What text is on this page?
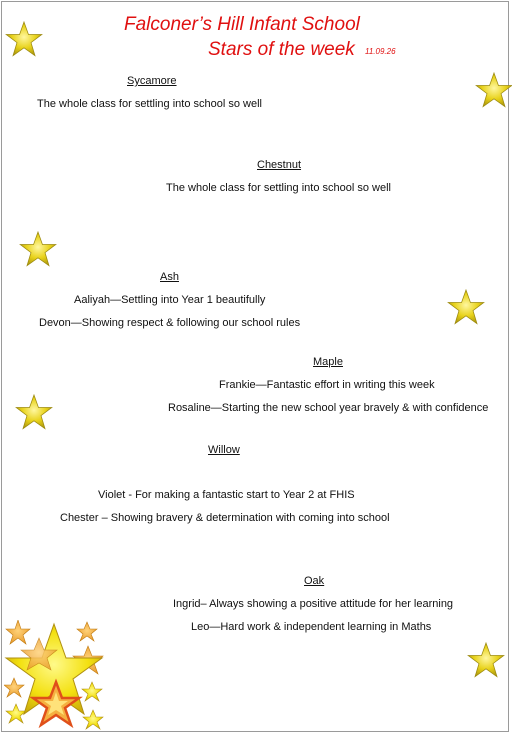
Falconer’s Hill Infant School
Stars of the week 11.09.26
Sycamore
The whole class for settling into school so well
Chestnut
The whole class for settling into school so well
Ash
Aaliyah—Settling into Year 1 beautifully
Devon—Showing respect & following our school rules
Maple
Frankie—Fantastic effort in writing this week
Rosaline—Starting the new school year bravely & with confidence
Willow
Violet - For making a fantastic start to Year 2 at FHIS
Chester – Showing bravery & determination with coming into school
Oak
Ingrid– Always showing a positive attitude for her learning
Leo—Hard work & independent learning in Maths
